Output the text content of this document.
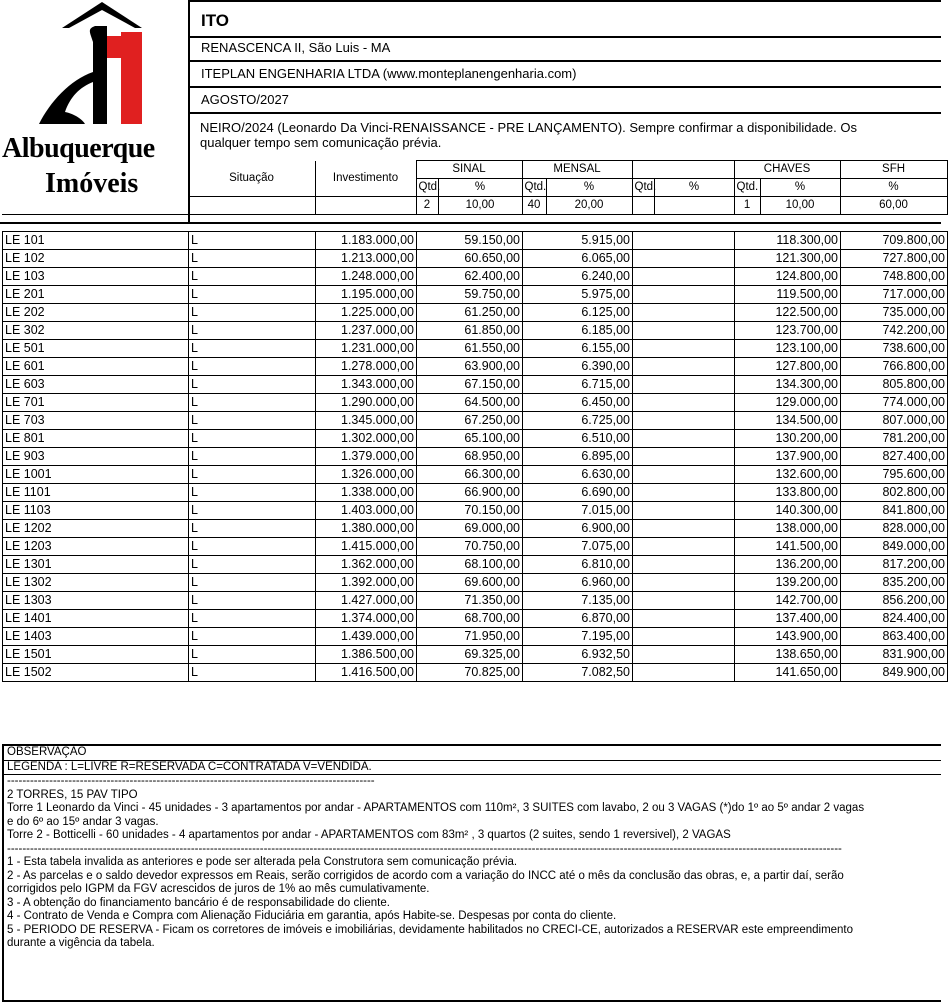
Albuquerque
Imóveis
ITO
RENASCENCA II, São Luis - MA
ITEPLAN ENGENHARIA LTDA (www.monteplanengenharia.com)
AGOSTO/2027
NEIRO/2024 (Leonardo Da Vinci-RENAISSANCE - PRE LANÇAMENTO). Sempre confirmar a disponibilidade. Os
qualquer tempo sem comunicação prévia.
	Situação	Investimento	SINAL		MENSAL				CHAVES		SFH
			Qtd.	%	Qtd.	%	Qtd.	%	Qtd.	%	%
			2	10,00	40	20,00			1	10,00	60,00
LE 101	L	1.183.000,00	59.150,00	5.915,00		118.300,00	709.800,00
LE 102	L	1.213.000,00	60.650,00	6.065,00		121.300,00	727.800,00
LE 103	L	1.248.000,00	62.400,00	6.240,00		124.800,00	748.800,00
LE 201	L	1.195.000,00	59.750,00	5.975,00		119.500,00	717.000,00
LE 202	L	1.225.000,00	61.250,00	6.125,00		122.500,00	735.000,00
LE 302	L	1.237.000,00	61.850,00	6.185,00		123.700,00	742.200,00
LE 501	L	1.231.000,00	61.550,00	6.155,00		123.100,00	738.600,00
LE 601	L	1.278.000,00	63.900,00	6.390,00		127.800,00	766.800,00
LE 603	L	1.343.000,00	67.150,00	6.715,00		134.300,00	805.800,00
LE 701	L	1.290.000,00	64.500,00	6.450,00		129.000,00	774.000,00
LE 703	L	1.345.000,00	67.250,00	6.725,00		134.500,00	807.000,00
LE 801	L	1.302.000,00	65.100,00	6.510,00		130.200,00	781.200,00
LE 903	L	1.379.000,00	68.950,00	6.895,00		137.900,00	827.400,00
LE 1001	L	1.326.000,00	66.300,00	6.630,00		132.600,00	795.600,00
LE 1101	L	1.338.000,00	66.900,00	6.690,00		133.800,00	802.800,00
LE 1103	L	1.403.000,00	70.150,00	7.015,00		140.300,00	841.800,00
LE 1202	L	1.380.000,00	69.000,00	6.900,00		138.000,00	828.000,00
LE 1203	L	1.415.000,00	70.750,00	7.075,00		141.500,00	849.000,00
LE 1301	L	1.362.000,00	68.100,00	6.810,00		136.200,00	817.200,00
LE 1302	L	1.392.000,00	69.600,00	6.960,00		139.200,00	835.200,00
LE 1303	L	1.427.000,00	71.350,00	7.135,00		142.700,00	856.200,00
LE 1401	L	1.374.000,00	68.700,00	6.870,00		137.400,00	824.400,00
LE 1403	L	1.439.000,00	71.950,00	7.195,00		143.900,00	863.400,00
LE 1501	L	1.386.500,00	69.325,00	6.932,50		138.650,00	831.900,00
LE 1502	L	1.416.500,00	70.825,00	7.082,50		141.650,00	849.900,00
OBSERVAÇÃO
LEGENDA : L=LIVRE R=RESERVADA C=CONTRATADA V=VENDIDA.
------------------------------------------------------------------------------------------------
2 TORRES, 15 PAV TIPO
Torre 1 Leonardo da Vinci - 45 unidades - 3 apartamentos por andar - APARTAMENTOS com 110m², 3 SUITES com lavabo, 2 ou 3 VAGAS (*)do 1º ao 5º andar 2 vagas
e do 6º ao 15º andar 3 vagas.
Torre 2 - Botticelli - 60 unidades - 4 apartamentos por andar - APARTAMENTOS com 83m² , 3 quartos (2 suites, sendo 1 reversivel), 2 VAGAS
--------------------------------------------------------------------------------------------------------------------------------------------------------------------------------------------------------------------------
1 - Esta tabela invalida as anteriores e pode ser alterada pela Construtora sem comunicação prévia.
2 - As parcelas e o saldo devedor expressos em Reais, serão corrigidos de acordo com a variação do INCC até o mês da conclusão das obras, e, a partir daí, serão
corrigidos pelo IGPM da FGV acrescidos de juros de 1% ao mês cumulativamente.
3 - A obtenção do financiamento bancário é de responsabilidade do cliente.
4 - Contrato de Venda e Compra com Alienação Fiduciária em garantia, após Habite-se. Despesas por conta do cliente.
5 - PERIODO DE RESERVA - Ficam os corretores de imóveis e imobiliárias, devidamente habilitados no CRECI-CE, autorizados a RESERVAR este empreendimento
durante a vigência da tabela.
